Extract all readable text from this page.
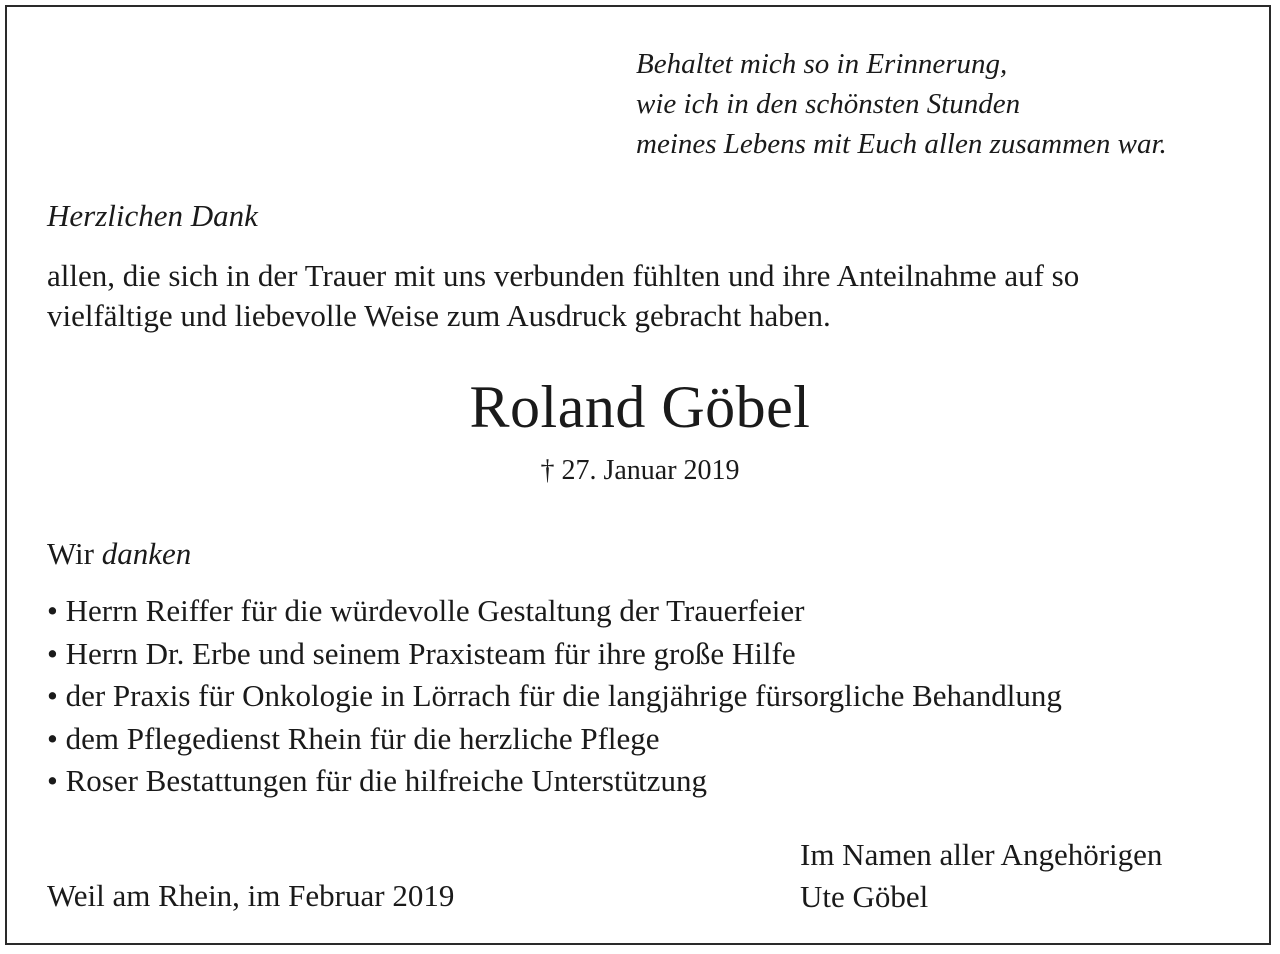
Behaltet mich so in Erinnerung,
wie ich in den schönsten Stunden
meines Lebens mit Euch allen zusammen war.
Herzlichen Dank
allen, die sich in der Trauer mit uns verbunden fühlten und ihre Anteilnahme auf so
vielfältige und liebevolle Weise zum Ausdruck gebracht haben.
Roland Göbel
† 27. Januar 2019
Wir danken
• Herrn Reiffer für die würdevolle Gestaltung der Trauerfeier
• Herrn Dr. Erbe und seinem Praxisteam für ihre große Hilfe
• der Praxis für Onkologie in Lörrach für die langjährige fürsorgliche Behandlung
• dem Pflegedienst Rhein für die herzliche Pflege
• Roser Bestattungen für die hilfreiche Unterstützung
Weil am Rhein, im Februar 2019
Im Namen aller Angehörigen
Ute Göbel
